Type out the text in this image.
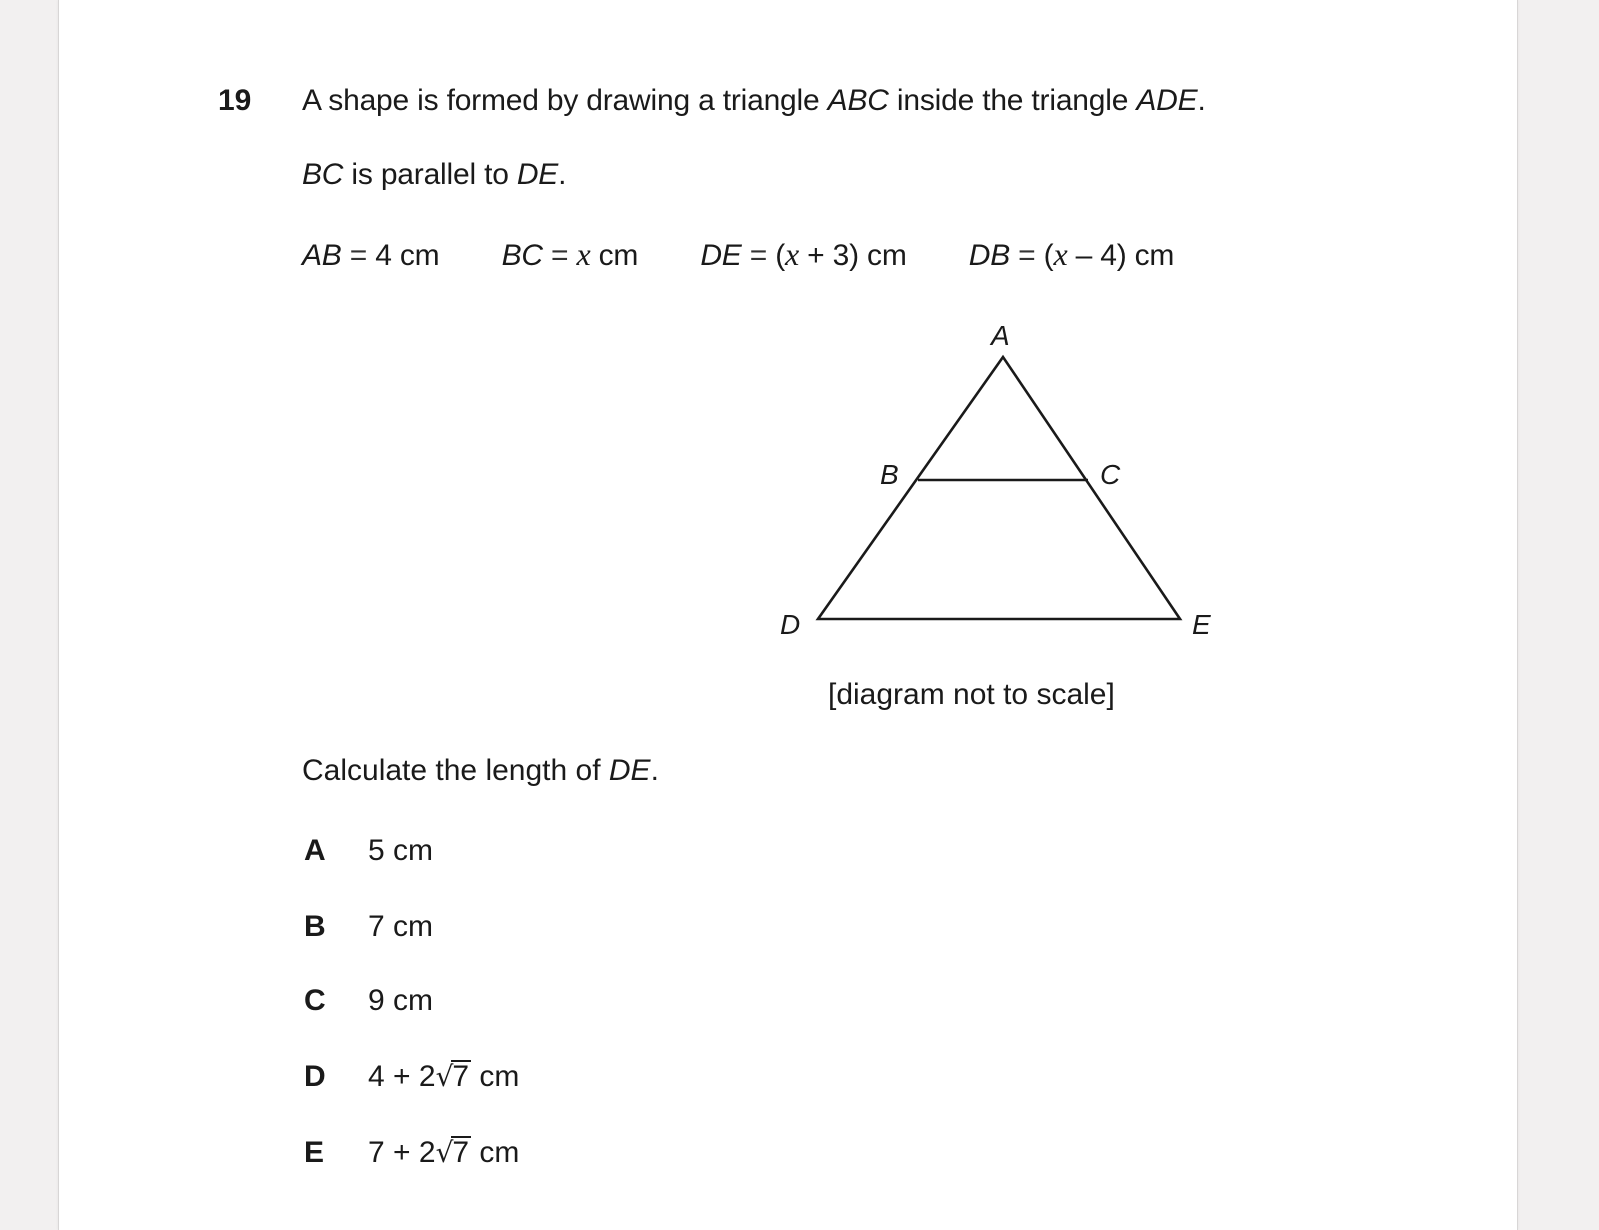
19 A shape is formed by drawing a triangle ABC inside the triangle ADE.
BC is parallel to DE.
AB = 4 cm BC = x cm DE = (x + 3) cm DB = (x – 4) cm
A
B	C
D	E
[diagram not to scale]
Calculate the length of DE.
A 5 cm
B 7 cm
C 9 cm
D 4 + 2√7 cm
E 7 + 2√7 cm
